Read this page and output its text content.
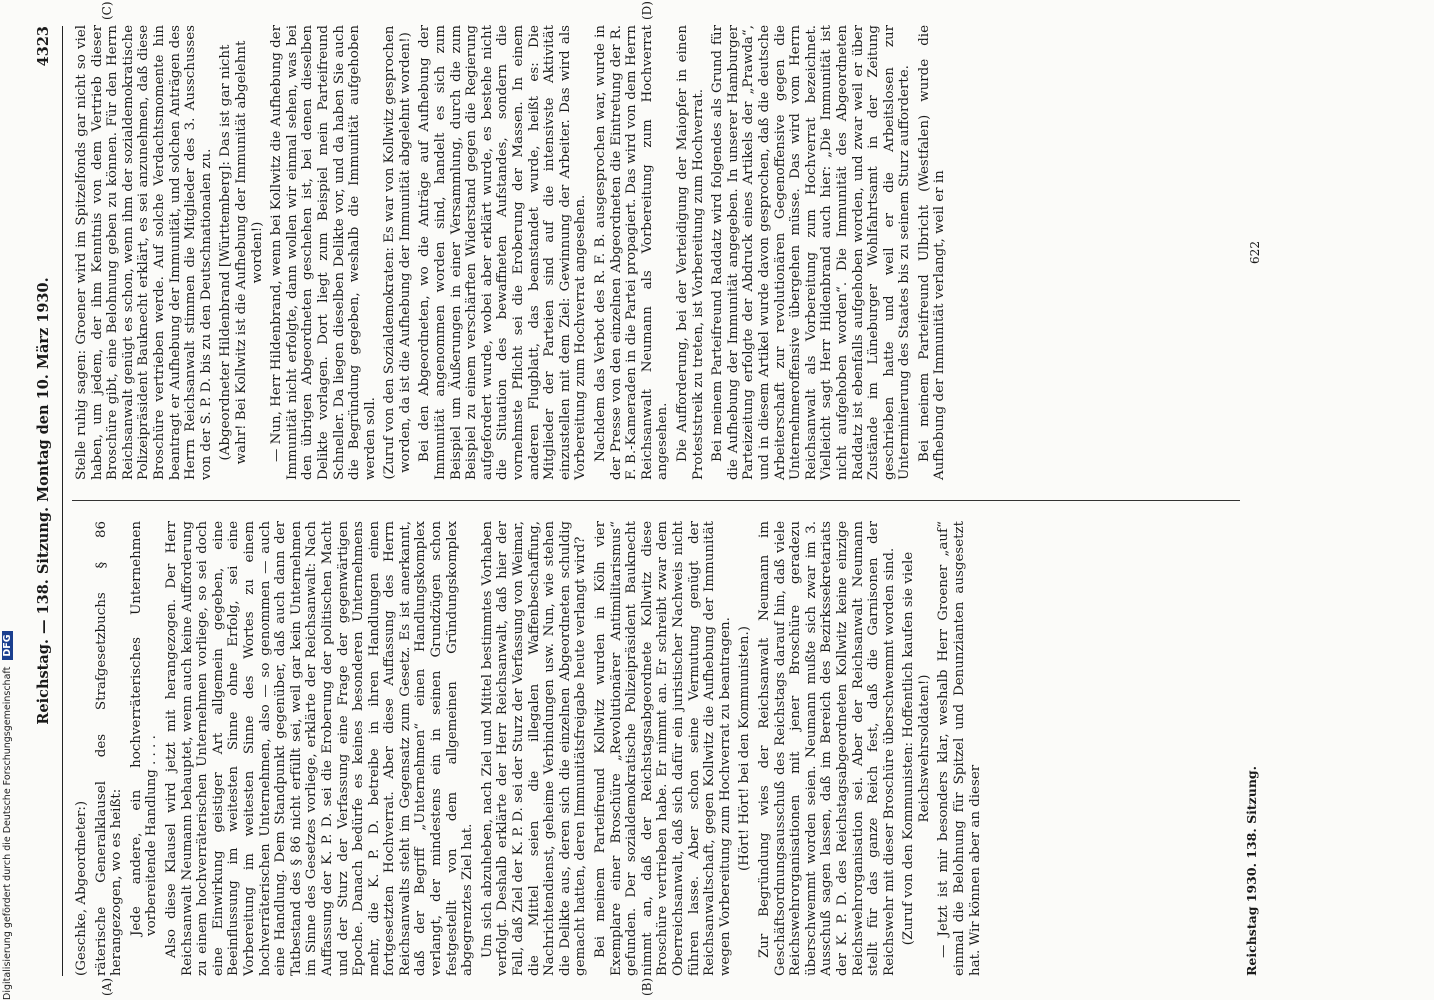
Reichstag. — 138. Sitzung. Montag den 10. März 1930.
4323

(Geschke, Abgeordneter:) räterische Generalklausel des Strafgesetzbuchs § 86 herangezogen, wo es heißt: Jede andere, ein hochverräterisches Unternehmen vorbereitende Handlung . . . . Also diese Klausel wird jetzt mit herangezogen. Der Herr Reichsanwalt Neumann behauptet, wenn auch keine Aufforderung zu einem hochverräterischen Unternehmen vorliege, so sei doch eine Einwirkung geistiger Art allgemein gegeben, eine Beeinflussung im weitesten Sinne ohne Erfolg, sei eine Vorbereitung im weitesten Sinne des Wortes zu einem hochverräterischen Unternehmen, also — so genommen — auch eine Handlung. Dem Standpunkt gegenüber, daß auch dann der Tatbestand des § 86 nicht erfüllt sei, weil gar kein Unternehmen im Sinne des Gesetzes vorliege, erklärte der Reichsanwalt: Nach Auffassung der K. P. D. sei die Eroberung der politischen Macht und der Sturz der Verfassung eine Frage der gegenwärtigen Epoche. Danach bedürfe es keines besonderen Unternehmens mehr, die K. P. D. betreibe in ihren Handlungen einen fortgesetzten Hochverrat. Aber diese Auffassung des Herrn Reichsanwalts steht im Gegensatz zum Gesetz. Es ist anerkannt, daß der Begriff „Unternehmen“ einen Handlungskomplex verlangt, der mindestens ein in seinen Grundzügen schon festgestellt von dem allgemeinen Gründungskomplex abgegrenztes Ziel hat. Um sich abzuheben, nach Ziel und Mittel bestimmtes Vorhaben verfolgt. Deshalb erklärte der Herr Reichsanwalt, daß hier der Fall, daß Ziel der K. P. D. sei der Sturz der Verfassung von Weimar, die Mittel seien die illegalen Waffenbeschaffung, Nachrichtendienst, geheime Verbindungen usw. Nun, wie stehen die Delikte aus, deren sich die einzelnen Abgeordneten schuldig gemacht hatten, deren Immunitätsfreigabe heute verlangt wird? Bei meinem Parteifreund Kollwitz wurden in Köln vier Exemplare einer Broschüre „Revolutionärer Antimilitarismus“ gefunden. Der sozialdemokratische Polizeipräsident Bauknecht nimmt an, daß der Reichstagsabgeordnete Kollwitz diese Broschüre vertrieben habe. Er nimmt an. Er schreibt zwar dem Oberreichsanwalt, daß sich dafür ein juristischer Nachweis nicht führen lasse. Aber schon seine Vermutung genügt der Reichsanwaltschaft, gegen Kollwitz die Aufhebung der Immunität wegen Vorbereitung zum Hochverrat zu beantragen. (Hört! Hört! bei den Kommunisten.) Zur Begründung wies der Reichsanwalt Neumann im Geschäftsordnungsausschuß des Reichstags darauf hin, daß viele Reichswehrorganisationen mit jener Broschüre geradezu überschwemmt worden seien. Neumann mußte sich zwar im 3. Ausschuß sagen lassen, daß im Bereich des Bezirkssekretariats der K. P. D. des Reichstagsabgeordneten Kollwitz keine einzige Reichswehrorganisation sei. Aber der Reichsanwalt Neumann stellt für das ganze Reich fest, daß die Garnisonen der Reichswehr mit dieser Broschüre überschwemmt worden sind. (Zuruf von den Kommunisten: Hoffentlich kaufen sie viele Reichswehrsoldaten!) — Jetzt ist mir besonders klar, weshalb Herr Groener „auf“ einmal die Belohnung für Spitzel und Denunzianten ausgesetzt hat. Wir können aber an dieser

Stelle ruhig sagen: Groener wird im Spitzelfonds gar nicht so viel haben, um jedem, der ihm Kenntnis von dem Vertrieb dieser Broschüre gibt, eine Belohnung geben zu können. Für den Herrn Reichsanwalt genügt es schon, wenn ihm der sozialdemokratische Polizeipräsident Bauknecht erklärt, es sei anzunehmen, daß diese Broschüre vertrieben werde. Auf solche Verdachtsmomente hin beantragt er Aufhebung der Immunität, und solchen Anträgen des Herrn Reichsanwalt stimmen die Mitglieder des 3. Ausschusses von der S. P. D. bis zu den Deutschnationalen zu. (Abgeordneter Hildenbrand [Württemberg]: Das ist gar nicht wahr! Bei Kollwitz ist die Aufhebung der Immunität abgelehnt worden!) — Nun, Herr Hildenbrand, wenn bei Kollwitz die Aufhebung der Immunität nicht erfolgte, dann wollen wir einmal sehen, was bei den übrigen Abgeordneten geschehen ist, bei denen dieselben Delikte vorlagen. Dort liegt zum Beispiel mein Parteifreund Schneller. Da liegen dieselben Delikte vor, und da haben Sie auch die Begründung gegeben, weshalb die Immunität aufgehoben werden soll. (Zuruf von den Sozialdemokraten: Es war von Kollwitz gesprochen worden, da ist die Aufhebung der Immunität abgelehnt worden!) Bei den Abgeordneten, wo die Anträge auf Aufhebung der Immunität angenommen worden sind, handelt es sich zum Beispiel um Äußerungen in einer Versammlung, durch die zum Beispiel zu einem verschärften Widerstand gegen die Regierung aufgefordert wurde, wobei aber erklärt wurde, es bestehe nicht die Situation des bewaffneten Aufstandes, sondern die vornehmste Pflicht sei die Eroberung der Massen. In einem anderen Flugblatt, das beanstandet wurde, heißt es: Die Mitglieder der Parteien sind auf die intensivste Aktivität einzustellen mit dem Ziel: Gewinnung der Arbeiter. Das wird als Vorbereitung zum Hochverrat angesehen. Nachdem das Verbot des R. F. B. ausgesprochen war, wurde in der Presse von den einzelnen Abgeordneten die Eintretung der R. F. B.-Kameraden in die Partei propagiert. Das wird von dem Herrn Reichsanwalt Neumann als Vorbereitung zum Hochverrat angesehen. Die Aufforderung, bei der Verteidigung der Maiopfer in einen Proteststreik zu treten, ist Vorbereitung zum Hochverrat. Bei meinem Parteifreund Raddatz wird folgendes als Grund für die Aufhebung der Immunität angegeben. In unserer Hamburger Parteizeitung erfolgte der Abdruck eines Artikels der „Prawda“, und in diesem Artikel wurde davon gesprochen, daß die deutsche Arbeiterschaft zur revolutionären Gegenoffensive gegen die Unternehmeroffensive übergehen müsse. Das wird vom Herrn Reichsanwalt als Vorbereitung zum Hochverrat bezeichnet. Vielleicht sagt Herr Hildenbrand auch hier: „Die Immunität ist nicht aufgehoben worden“. Die Immunität des Abgeordneten Raddatz ist ebenfalls aufgehoben worden, und zwar weil er über Zustände im Lüneburger Wohlfahrtsamt in der Zeitung geschrieben hatte und weil er die Arbeitslosen zur Unterminierung des Staates bis zu seinem Sturz aufforderte. Bei meinem Parteifreund Ulbricht (Westfalen) wurde die Aufhebung der Immunität verlangt, weil er in

(A)	(B)
(C)	(D)
Reichstag 1930. 138. Sitzung.
622
Digitalisierung gefördert durch die Deutsche Forschungsgemeinschaft DFG
